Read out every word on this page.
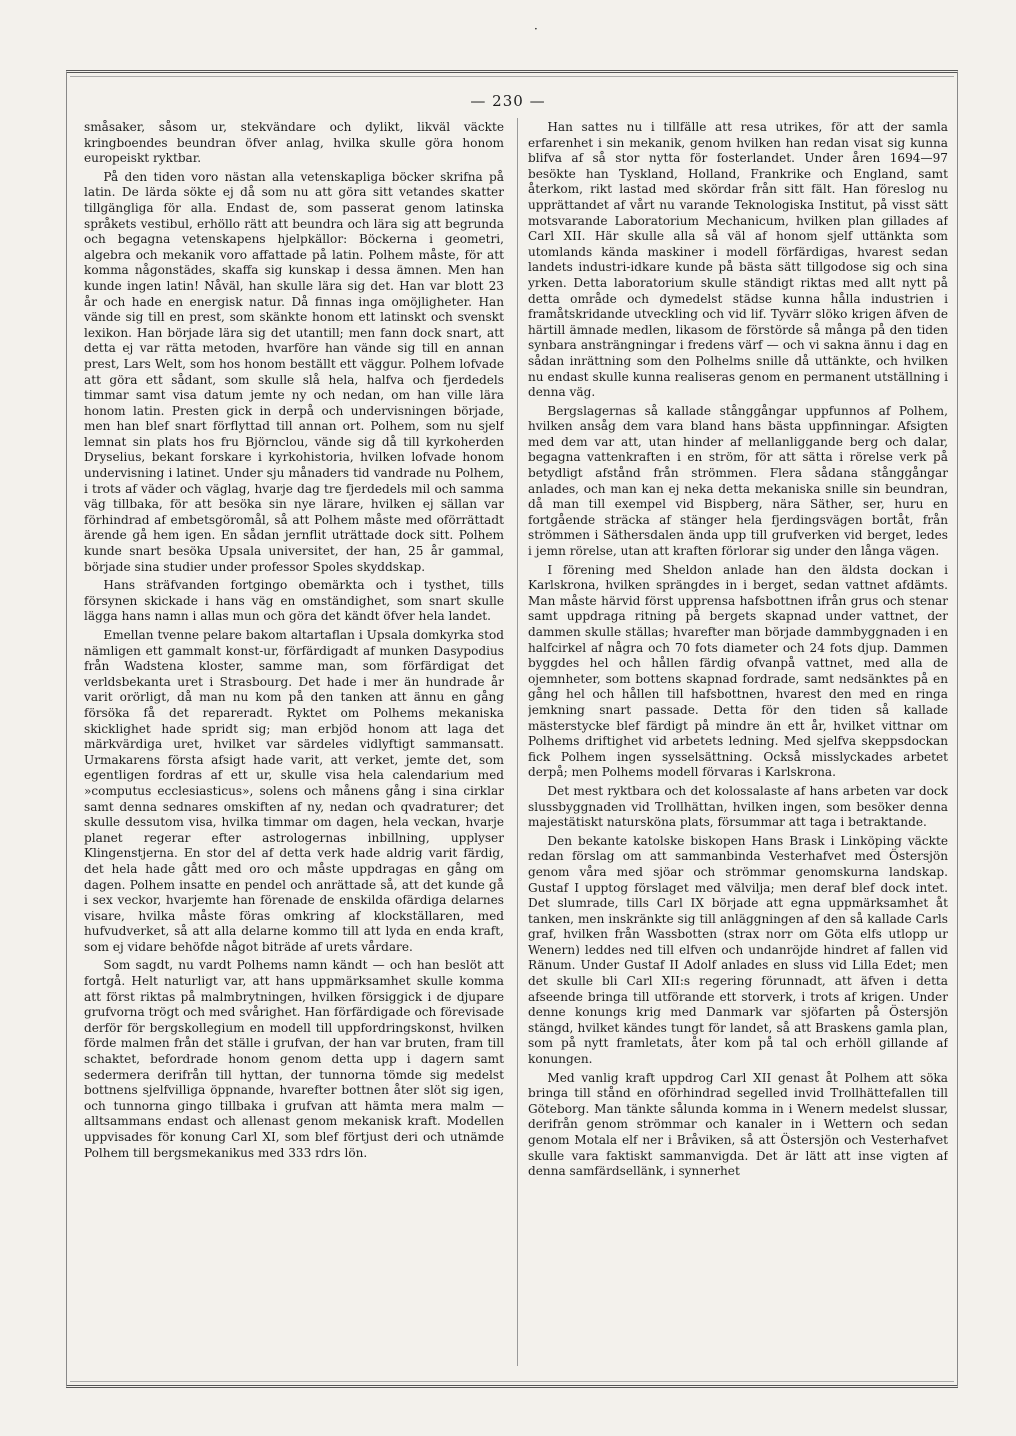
·
— 230 —

småsaker, såsom ur, stekvändare och dylikt, likväl väckte kringboendes beundran öfver anlag, hvilka skulle göra honom europeiskt ryktbar.

På den tiden voro nästan alla vetenskapliga böcker skrifna på latin. De lärda sökte ej då som nu att göra sitt vetandes skatter tillgängliga för alla. Endast de, som passerat genom latinska språkets vestibul, erhöllo rätt att beundra och lära sig att begrunda och begagna vetenskapens hjelpkällor: Böckerna i geometri, algebra och mekanik voro affattade på latin. Polhem måste, för att komma någonstädes, skaffa sig kunskap i dessa ämnen. Men han kunde ingen latin! Nåväl, han skulle lära sig det. Han var blott 23 år och hade en energisk natur. Då finnas inga omöjligheter. Han vände sig till en prest, som skänkte honom ett latinskt och svenskt lexikon. Han började lära sig det utantill; men fann dock snart, att detta ej var rätta metoden, hvarföre han vände sig till en annan prest, Lars Welt, som hos honom beställt ett väggur. Polhem lofvade att göra ett sådant, som skulle slå hela, halfva och fjerdedels timmar samt visa datum jemte ny och nedan, om han ville lära honom latin. Presten gick in derpå och undervisningen började, men han blef snart förflyttad till annan ort. Polhem, som nu sjelf lemnat sin plats hos fru Björnclou, vände sig då till kyrkoherden Dryselius, bekant forskare i kyrkohistoria, hvilken lofvade honom undervisning i latinet. Under sju månaders tid vandrade nu Polhem, i trots af väder och väglag, hvarje dag tre fjerdedels mil och samma väg tillbaka, för att besöka sin nye lärare, hvilken ej sällan var förhindrad af embetsgöromål, så att Polhem måste med oförrättadt ärende gå hem igen. En sådan jernflit uträttade dock sitt. Polhem kunde snart besöka Upsala universitet, der han, 25 år gammal, började sina studier under professor Spoles skyddskap.

Hans sträfvanden fortgingo obemärkta och i tysthet, tills försynen skickade i hans väg en omständighet, som snart skulle lägga hans namn i allas mun och göra det kändt öfver hela landet.

Emellan tvenne pelare bakom altartaflan i Upsala domkyrka stod nämligen ett gammalt konst-ur, förfärdigadt af munken Dasypodius från Wadstena kloster, samme man, som förfärdigat det verldsbekanta uret i Strasbourg. Det hade i mer än hundrade år varit orörligt, då man nu kom på den tanken att ännu en gång försöka få det repareradt. Ryktet om Polhems mekaniska skicklighet hade spridt sig; man erbjöd honom att laga det märkvärdiga uret, hvilket var särdeles vidlyftigt sammansatt. Urmakarens första afsigt hade varit, att verket, jemte det, som egentligen fordras af ett ur, skulle visa hela calendarium med »computus ecclesiasticus», solens och månens gång i sina cirklar samt denna sednares omskiften af ny, nedan och qvadraturer; det skulle dessutom visa, hvilka timmar om dagen, hela veckan, hvarje planet regerar efter astrologernas inbillning, upplyser Klingenstjerna. En stor del af detta verk hade aldrig varit färdig, det hela hade gått med oro och måste uppdragas en gång om dagen. Polhem insatte en pendel och anrättade så, att det kunde gå i sex veckor, hvarjemte han förenade de enskilda ofärdiga delarnes visare, hvilka måste föras omkring af klockställaren, med hufvudverket, så att alla delarne kommo till att lyda en enda kraft, som ej vidare behöfde något biträde af urets vårdare.

Som sagdt, nu vardt Polhems namn kändt — och han beslöt att fortgå. Helt naturligt var, att hans uppmärksamhet skulle komma att först riktas på malmbrytningen, hvilken försiggick i de djupare grufvorna trögt och med svårighet. Han förfärdigade och förevisade derför för bergskollegium en modell till uppfordringskonst, hvilken förde malmen från det ställe i grufvan, der han var bruten, fram till schaktet, befordrade honom genom detta upp i dagern samt sedermera derifrån till hyttan, der tunnorna tömde sig medelst bottnens sjelfvilliga öppnande, hvarefter bottnen åter slöt sig igen, och tunnorna gingo tillbaka i grufvan att hämta mera malm — alltsammans endast och allenast genom mekanisk kraft. Modellen uppvisades för konung Carl XI, som blef förtjust deri och utnämde Polhem till bergsmekanikus med 333 rdrs lön.

Han sattes nu i tillfälle att resa utrikes, för att der samla erfarenhet i sin mekanik, genom hvilken han redan visat sig kunna blifva af så stor nytta för fosterlandet. Under åren 1694—97 besökte han Tyskland, Holland, Frankrike och England, samt återkom, rikt lastad med skördar från sitt fält. Han föreslog nu upprättandet af vårt nu varande Teknologiska Institut, på visst sätt motsvarande Laboratorium Mechanicum, hvilken plan gillades af Carl XII. Här skulle alla så väl af honom sjelf uttänkta som utomlands kända maskiner i modell förfärdigas, hvarest sedan landets industri-idkare kunde på bästa sätt tillgodose sig och sina yrken. Detta laboratorium skulle ständigt riktas med allt nytt på detta område och dymedelst städse kunna hålla industrien i framåtskridande utveckling och vid lif. Tyvärr slöko krigen äfven de härtill ämnade medlen, likasom de förstörde så många på den tiden synbara ansträngningar i fredens värf — och vi sakna ännu i dag en sådan inrättning som den Polhelms snille då uttänkte, och hvilken nu endast skulle kunna realiseras genom en permanent utställning i denna väg.

Bergslagernas så kallade stånggångar uppfunnos af Polhem, hvilken ansåg dem vara bland hans bästa uppfinningar. Afsigten med dem var att, utan hinder af mellanliggande berg och dalar, begagna vattenkraften i en ström, för att sätta i rörelse verk på betydligt afstånd från strömmen. Flera sådana stånggångar anlades, och man kan ej neka detta mekaniska snille sin beundran, då man till exempel vid Bispberg, nära Säther, ser, huru en fortgående sträcka af stänger hela fjerdingsvägen bortåt, från strömmen i Säthersdalen ända upp till grufverken vid berget, ledes i jemn rörelse, utan att kraften förlorar sig under den långa vägen.

I förening med Sheldon anlade han den äldsta dockan i Karlskrona, hvilken sprängdes in i berget, sedan vattnet afdämts. Man måste härvid först upprensa hafsbottnen ifrån grus och stenar samt uppdraga ritning på bergets skapnad under vattnet, der dammen skulle ställas; hvarefter man började dammbyggnaden i en halfcirkel af några och 70 fots diameter och 24 fots djup. Dammen byggdes hel och hållen färdig ofvanpå vattnet, med alla de ojemnheter, som bottens skapnad fordrade, samt nedsänktes på en gång hel och hållen till hafsbottnen, hvarest den med en ringa jemkning snart passade. Detta för den tiden så kallade mästerstycke blef färdigt på mindre än ett år, hvilket vittnar om Polhems driftighet vid arbetets ledning. Med sjelfva skeppsdockan fick Polhem ingen sysselsättning. Också misslyckades arbetet derpå; men Polhems modell förvaras i Karlskrona.

Det mest ryktbara och det kolossalaste af hans arbeten var dock slussbyggnaden vid Trollhättan, hvilken ingen, som besöker denna majestätiskt natursköna plats, försummar att taga i betraktande.

Den bekante katolske biskopen Hans Brask i Linköping väckte redan förslag om att sammanbinda Vesterhafvet med Östersjön genom våra med sjöar och strömmar genomskurna landskap. Gustaf I upptog förslaget med välvilja; men deraf blef dock intet. Det slumrade, tills Carl IX började att egna uppmärksamhet åt tanken, men inskränkte sig till anläggningen af den så kallade Carls graf, hvilken från Wassbotten (strax norr om Göta elfs utlopp ur Wenern) leddes ned till elfven och undanröjde hindret af fallen vid Ränum. Under Gustaf II Adolf anlades en sluss vid Lilla Edet; men det skulle bli Carl XII:s regering förunnadt, att äfven i detta afseende bringa till utförande ett storverk, i trots af krigen. Under denne konungs krig med Danmark var sjöfarten på Östersjön stängd, hvilket kändes tungt för landet, så att Braskens gamla plan, som på nytt framletats, åter kom på tal och erhöll gillande af konungen.

Med vanlig kraft uppdrog Carl XII genast åt Polhem att söka bringa till stånd en oförhindrad segelled invid Trollhättefallen till Göteborg. Man tänkte sålunda komma in i Wenern medelst slussar, derifrån genom strömmar och kanaler in i Wettern och sedan genom Motala elf ner i Bråviken, så att Östersjön och Vesterhafvet skulle vara faktiskt sammanvigda. Det är lätt att inse vigten af denna samfärdsellänk, i synnerhet
